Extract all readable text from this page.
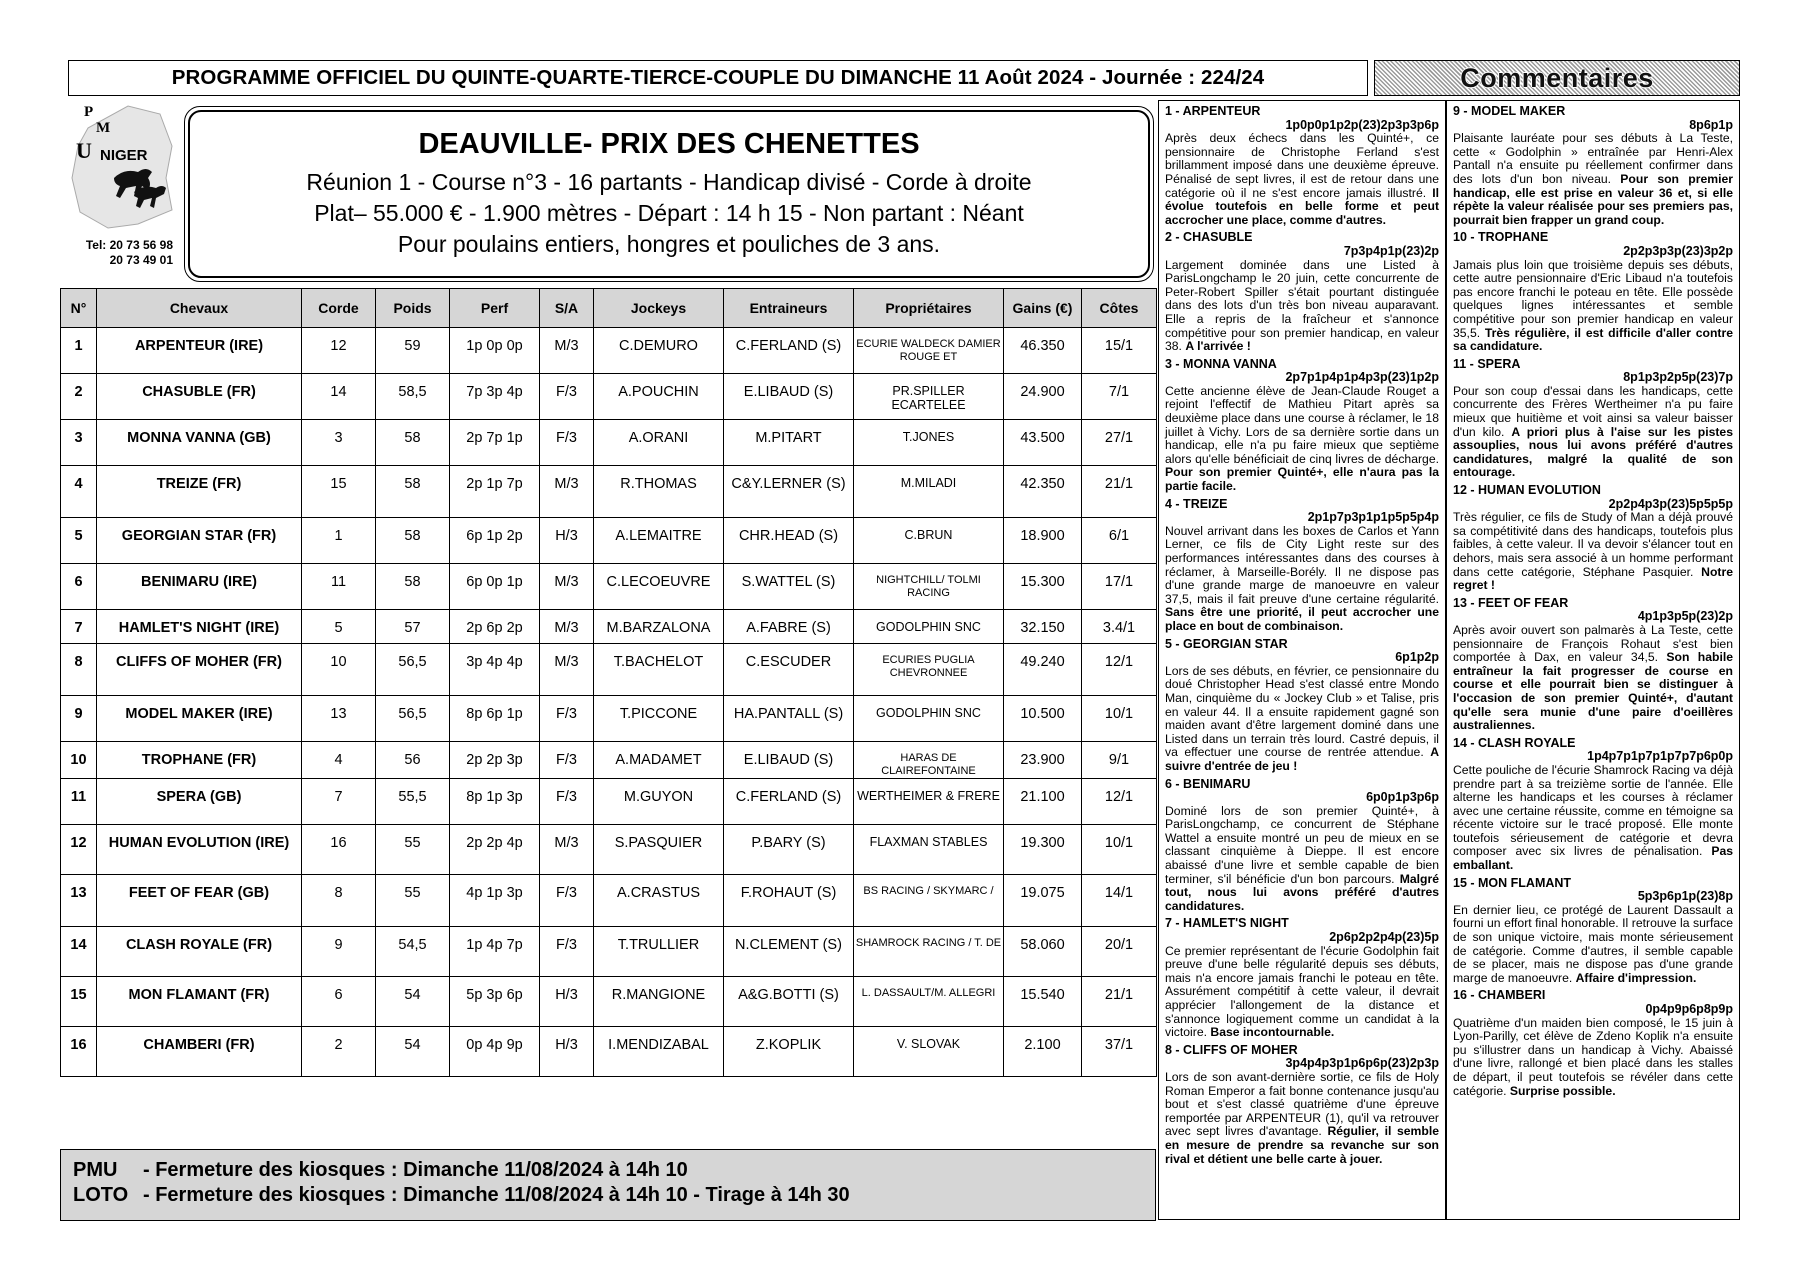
PROGRAMME OFFICIEL DU QUINTE-QUARTE-TIERCE-COUPLE DU DIMANCHE 11 Août 2024 - Journée : 224/24	Commentaires
P
M
U NIGER
Tel: 20 73 56 98
20 73 49 01
DEAUVILLE- PRIX DES CHENETTES
Réunion 1 - Course n°3 - 16 partants - Handicap divisé - Corde à droite
Plat– 55.000 € - 1.900 mètres - Départ : 14 h 15 - Non partant : Néant
Pour poulains entiers, hongres et pouliches de 3 ans.
N°	Chevaux	Corde	Poids	Perf	S/A	Jockeys	Entraineurs	Propriétaires	Gains (€)	Côtes
1	ARPENTEUR (IRE)	12	59	1p 0p 0p	M/3	C.DEMURO	C.FERLAND (S)	ECURIE WALDECK DAMIER ROUGE ET	46.350	15/1
2	CHASUBLE (FR)	14	58,5	7p 3p 4p	F/3	A.POUCHIN	E.LIBAUD (S)	PR.SPILLER ECARTELEE	24.900	7/1
3	MONNA VANNA (GB)	3	58	2p 7p 1p	F/3	A.ORANI	M.PITART	T.JONES	43.500	27/1
4	TREIZE (FR)	15	58	2p 1p 7p	M/3	R.THOMAS	C&Y.LERNER (S)	M.MILADI	42.350	21/1
5	GEORGIAN STAR (FR)	1	58	6p 1p 2p	H/3	A.LEMAITRE	CHR.HEAD (S)	C.BRUN	18.900	6/1
6	BENIMARU (IRE)	11	58	6p 0p 1p	M/3	C.LECOEUVRE	S.WATTEL (S)	NIGHTCHILL/ TOLMI RACING	15.300	17/1
7	HAMLET'S NIGHT (IRE)	5	57	2p 6p 2p	M/3	M.BARZALONA	A.FABRE (S)	GODOLPHIN SNC	32.150	3.4/1
8	CLIFFS OF MOHER (FR)	10	56,5	3p 4p 4p	M/3	T.BACHELOT	C.ESCUDER	ECURIES PUGLIA CHEVRONNEE	49.240	12/1
9	MODEL MAKER (IRE)	13	56,5	8p 6p 1p	F/3	T.PICCONE	HA.PANTALL (S)	GODOLPHIN SNC	10.500	10/1
10	TROPHANE (FR)	4	56	2p 2p 3p	F/3	A.MADAMET	E.LIBAUD (S)	HARAS DE CLAIREFONTAINE	23.900	9/1
11	SPERA (GB)	7	55,5	8p 1p 3p	F/3	M.GUYON	C.FERLAND (S)	WERTHEIMER & FRERE	21.100	12/1
12	HUMAN EVOLUTION (IRE)	16	55	2p 2p 4p	M/3	S.PASQUIER	P.BARY (S)	FLAXMAN STABLES	19.300	10/1
13	FEET OF FEAR (GB)	8	55	4p 1p 3p	F/3	A.CRASTUS	F.ROHAUT (S)	BS RACING / SKYMARC /	19.075	14/1
14	CLASH ROYALE (FR)	9	54,5	1p 4p 7p	F/3	T.TRULLIER	N.CLEMENT (S)	SHAMROCK RACING / T. DE	58.060	20/1
15	MON FLAMANT (FR)	6	54	5p 3p 6p	H/3	R.MANGIONE	A&G.BOTTI (S)	L. DASSAULT/M. ALLEGRI	15.540	21/1
16	CHAMBERI (FR)	2	54	0p 4p 9p	H/3	I.MENDIZABAL	Z.KOPLIK	V. SLOVAK	2.100	37/1
PMU - Fermeture des kiosques : Dimanche 11/08/2024 à 14h 10
LOTO - Fermeture des kiosques : Dimanche 11/08/2024 à 14h 10 - Tirage à 14h 30
1 - ARPENTEUR
1p0p0p1p2p(23)2p3p3p6p
Après deux échecs dans les Quinté+, ce pensionnaire de Christophe Ferland s'est brillamment imposé dans une deuxième épreuve. Pénalisé de sept livres, il est de retour dans une catégorie où il ne s'est encore jamais illustré. Il évolue toutefois en belle forme et peut accrocher une place, comme d'autres.
2 - CHASUBLE
7p3p4p1p(23)2p
Largement dominée dans une Listed à ParisLongchamp le 20 juin, cette concurrente de Peter-Robert Spiller s'était pourtant distinguée dans des lots d'un très bon niveau auparavant. Elle a repris de la fraîcheur et s'annonce compétitive pour son premier handicap, en valeur 38. A l'arrivée !
3 - MONNA VANNA
2p7p1p4p1p4p3p(23)1p2p
Cette ancienne élève de Jean-Claude Rouget a rejoint l'effectif de Mathieu Pitart après sa deuxième place dans une course à réclamer, le 18 juillet à Vichy. Lors de sa dernière sortie dans un handicap, elle n'a pu faire mieux que septième alors qu'elle bénéficiait de cinq livres de décharge. Pour son premier Quinté+, elle n'aura pas la partie facile.
4 - TREIZE
2p1p7p3p1p1p5p5p4p
Nouvel arrivant dans les boxes de Carlos et Yann Lerner, ce fils de City Light reste sur des performances intéressantes dans des courses à réclamer, à Marseille-Borély. Il ne dispose pas d'une grande marge de manoeuvre en valeur 37,5, mais il fait preuve d'une certaine régularité. Sans être une priorité, il peut accrocher une place en bout de combinaison.
5 - GEORGIAN STAR
6p1p2p
Lors de ses débuts, en février, ce pensionnaire du doué Christopher Head s'est classé entre Mondo Man, cinquième du « Jockey Club » et Talise, pris en valeur 44. Il a ensuite rapidement gagné son maiden avant d'être largement dominé dans une Listed dans un terrain très lourd. Castré depuis, il va effectuer une course de rentrée attendue. A suivre d'entrée de jeu !
6 - BENIMARU
6p0p1p3p6p
Dominé lors de son premier Quinté+, à ParisLongchamp, ce concurrent de Stéphane Wattel a ensuite montré un peu de mieux en se classant cinquième à Dieppe. Il est encore abaissé d'une livre et semble capable de bien terminer, s'il bénéficie d'un bon parcours. Malgré tout, nous lui avons préféré d'autres candidatures.
7 - HAMLET'S NIGHT
2p6p2p2p4p(23)5p
Ce premier représentant de l'écurie Godolphin fait preuve d'une belle régularité depuis ses débuts, mais n'a encore jamais franchi le poteau en tête. Assurément compétitif à cette valeur, il devrait apprécier l'allongement de la distance et s'annonce logiquement comme un candidat à la victoire. Base incontournable.
8 - CLIFFS OF MOHER
3p4p4p3p1p6p6p(23)2p3p
Lors de son avant-dernière sortie, ce fils de Holy Roman Emperor a fait bonne contenance jusqu'au bout et s'est classé quatrième d'une épreuve remportée par ARPENTEUR (1), qu'il va retrouver avec sept livres d'avantage. Régulier, il semble en mesure de prendre sa revanche sur son rival et détient une belle carte à jouer.
9 - MODEL MAKER
8p6p1p
Plaisante lauréate pour ses débuts à La Teste, cette « Godolphin » entraînée par Henri-Alex Pantall n'a ensuite pu réellement confirmer dans des lots d'un bon niveau. Pour son premier handicap, elle est prise en valeur 36 et, si elle répète la valeur réalisée pour ses premiers pas, pourrait bien frapper un grand coup.
10 - TROPHANE
2p2p3p3p(23)3p2p
Jamais plus loin que troisième depuis ses débuts, cette autre pensionnaire d'Eric Libaud n'a toutefois pas encore franchi le poteau en tête. Elle possède quelques lignes intéressantes et semble compétitive pour son premier handicap en valeur 35,5. Très régulière, il est difficile d'aller contre sa candidature.
11 - SPERA
8p1p3p2p5p(23)7p
Pour son coup d'essai dans les handicaps, cette concurrente des Frères Wertheimer n'a pu faire mieux que huitième et voit ainsi sa valeur baisser d'un kilo. A priori plus à l'aise sur les pistes assouplies, nous lui avons préféré d'autres candidatures, malgré la qualité de son entourage.
12 - HUMAN EVOLUTION
2p2p4p3p(23)5p5p5p
Très régulier, ce fils de Study of Man a déjà prouvé sa compétitivité dans des handicaps, toutefois plus faibles, à cette valeur. Il va devoir s'élancer tout en dehors, mais sera associé à un homme performant dans cette catégorie, Stéphane Pasquier. Notre regret !
13 - FEET OF FEAR
4p1p3p5p(23)2p
Après avoir ouvert son palmarès à La Teste, cette pensionnaire de François Rohaut s'est bien comportée à Dax, en valeur 34,5. Son habile entraîneur la fait progresser de course en course et elle pourrait bien se distinguer à l'occasion de son premier Quinté+, d'autant qu'elle sera munie d'une paire d'oeillères australiennes.
14 - CLASH ROYALE
1p4p7p1p7p1p7p7p6p0p
Cette pouliche de l'écurie Shamrock Racing va déjà prendre part à sa treizième sortie de l'année. Elle alterne les handicaps et les courses à réclamer avec une certaine réussite, comme en témoigne sa récente victoire sur le tracé proposé. Elle monte toutefois sérieusement de catégorie et devra composer avec six livres de pénalisation. Pas emballant.
15 - MON FLAMANT
5p3p6p1p(23)8p
En dernier lieu, ce protégé de Laurent Dassault a fourni un effort final honorable. Il retrouve la surface de son unique victoire, mais monte sérieusement de catégorie. Comme d'autres, il semble capable de se placer, mais ne dispose pas d'une grande marge de manoeuvre. Affaire d'impression.
16 - CHAMBERI
0p4p9p6p8p9p
Quatrième d'un maiden bien composé, le 15 juin à Lyon-Parilly, cet élève de Zdeno Koplik n'a ensuite pu s'illustrer dans un handicap à Vichy. Abaissé d'une livre, rallongé et bien placé dans les stalles de départ, il peut toutefois se révéler dans cette catégorie. Surprise possible.
